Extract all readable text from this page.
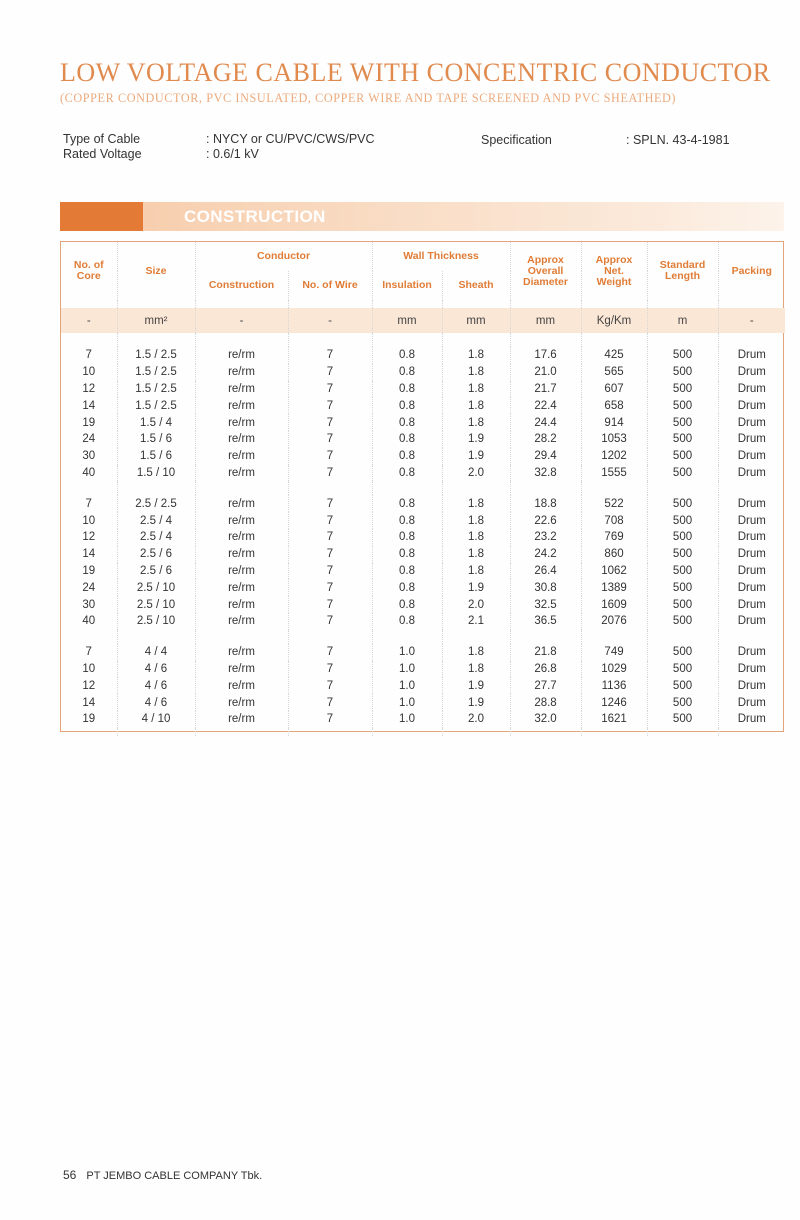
LOW VOLTAGE CABLE WITH CONCENTRIC CONDUCTOR
(COPPER CONDUCTOR, PVC INSULATED, COPPER WIRE AND TAPE SCREENED AND PVC SHEATHED)
Type of Cable	: NYCY or CU/PVC/CWS/PVC
Rated Voltage	: 0.6/1 kV
Specification	: SPLN. 43-4-1981
CONSTRUCTION
No. of Core	Size	Conductor		Wall Thickness		Approx Overall Diameter	Approx Net. Weight	Standard Length	Packing
		Construction	No. of Wire	Insulation	Sheath				

-	mm²	-	-	mm	mm	mm	Kg/Km	m	-

7	1.5 / 2.5	re/rm	7	0.8	1.8	17.6	425	500	Drum
10	1.5 / 2.5	re/rm	7	0.8	1.8	21.0	565	500	Drum
12	1.5 / 2.5	re/rm	7	0.8	1.8	21.7	607	500	Drum
14	1.5 / 2.5	re/rm	7	0.8	1.8	22.4	658	500	Drum
19	1.5 / 4	re/rm	7	0.8	1.8	24.4	914	500	Drum
24	1.5 / 6	re/rm	7	0.8	1.9	28.2	1053	500	Drum
30	1.5 / 6	re/rm	7	0.8	1.9	29.4	1202	500	Drum
40	1.5 / 10	re/rm	7	0.8	2.0	32.8	1555	500	Drum

7	2.5 / 2.5	re/rm	7	0.8	1.8	18.8	522	500	Drum
10	2.5 / 4	re/rm	7	0.8	1.8	22.6	708	500	Drum
12	2.5 / 4	re/rm	7	0.8	1.8	23.2	769	500	Drum
14	2.5 / 6	re/rm	7	0.8	1.8	24.2	860	500	Drum
19	2.5 / 6	re/rm	7	0.8	1.8	26.4	1062	500	Drum
24	2.5 / 10	re/rm	7	0.8	1.9	30.8	1389	500	Drum
30	2.5 / 10	re/rm	7	0.8	2.0	32.5	1609	500	Drum
40	2.5 / 10	re/rm	7	0.8	2.1	36.5	2076	500	Drum

7	4 / 4	re/rm	7	1.0	1.8	21.8	749	500	Drum
10	4 / 6	re/rm	7	1.0	1.8	26.8	1029	500	Drum
12	4 / 6	re/rm	7	1.0	1.9	27.7	1136	500	Drum
14	4 / 6	re/rm	7	1.0	1.9	28.8	1246	500	Drum
19	4 / 10	re/rm	7	1.0	2.0	32.0	1621	500	Drum

56 PT JEMBO CABLE COMPANY Tbk.
